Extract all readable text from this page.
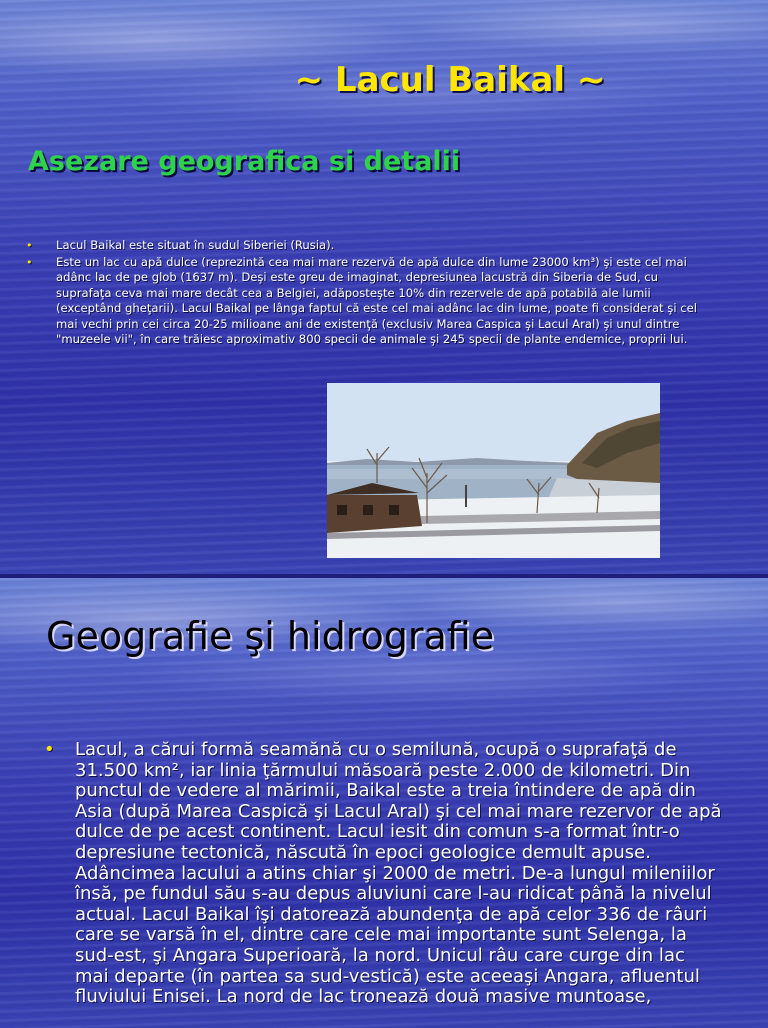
~ Lacul Baikal ~
Asezare geografica si detalii
• Lacul Baikal este situat în sudul Siberiei (Rusia).
• Este un lac cu apă dulce (reprezintă cea mai mare rezervă de apă dulce din lume 23000 km³) şi este cel mai adânc lac de pe glob (1637 m). Deşi este greu de imaginat, depresiunea lacustră din Siberia de Sud, cu suprafaţa ceva mai mare decât cea a Belgiei, adăposteşte 10% din rezervele de apă potabilă ale lumii (exceptând gheţarii). Lacul Baikal pe lânga faptul că este cel mai adânc lac din lume, poate fi considerat şi cel mai vechi prin cei circa 20-25 milioane ani de existenţă (exclusiv Marea Caspica şi Lacul Aral) şi unul dintre "muzeele vii", în care trăiesc aproximativ 800 specii de animale şi 245 specii de plante endemice, proprii lui.
Geografie şi hidrografie
• Lacul, a cărui formă seamănă cu o semilună, ocupă o suprafaţă de 31.500 km², iar linia ţărmului măsoară peste 2.000 de kilometri. Din punctul de vedere al mărimii, Baikal este a treia întindere de apă din Asia (după Marea Caspică şi Lacul Aral) şi cel mai mare rezervor de apă dulce de pe acest continent. Lacul iesit din comun s-a format într-o depresiune tectonică, născută în epoci geologice demult apuse. Adâncimea lacului a atins chiar şi 2000 de metri. De-a lungul mileniilor însă, pe fundul său s-au depus aluviuni care l-au ridicat până la nivelul actual. Lacul Baikal îşi datorează abundenţa de apă celor 336 de râuri care se varsă în el, dintre care cele mai importante sunt Selenga, la sud-est, şi Angara Superioară, la nord. Unicul râu care curge din lac mai departe (în partea sa sud-vestică) este aceeaşi Angara, afluentul fluviului Enisei. La nord de lac tronează două masive muntoase,
